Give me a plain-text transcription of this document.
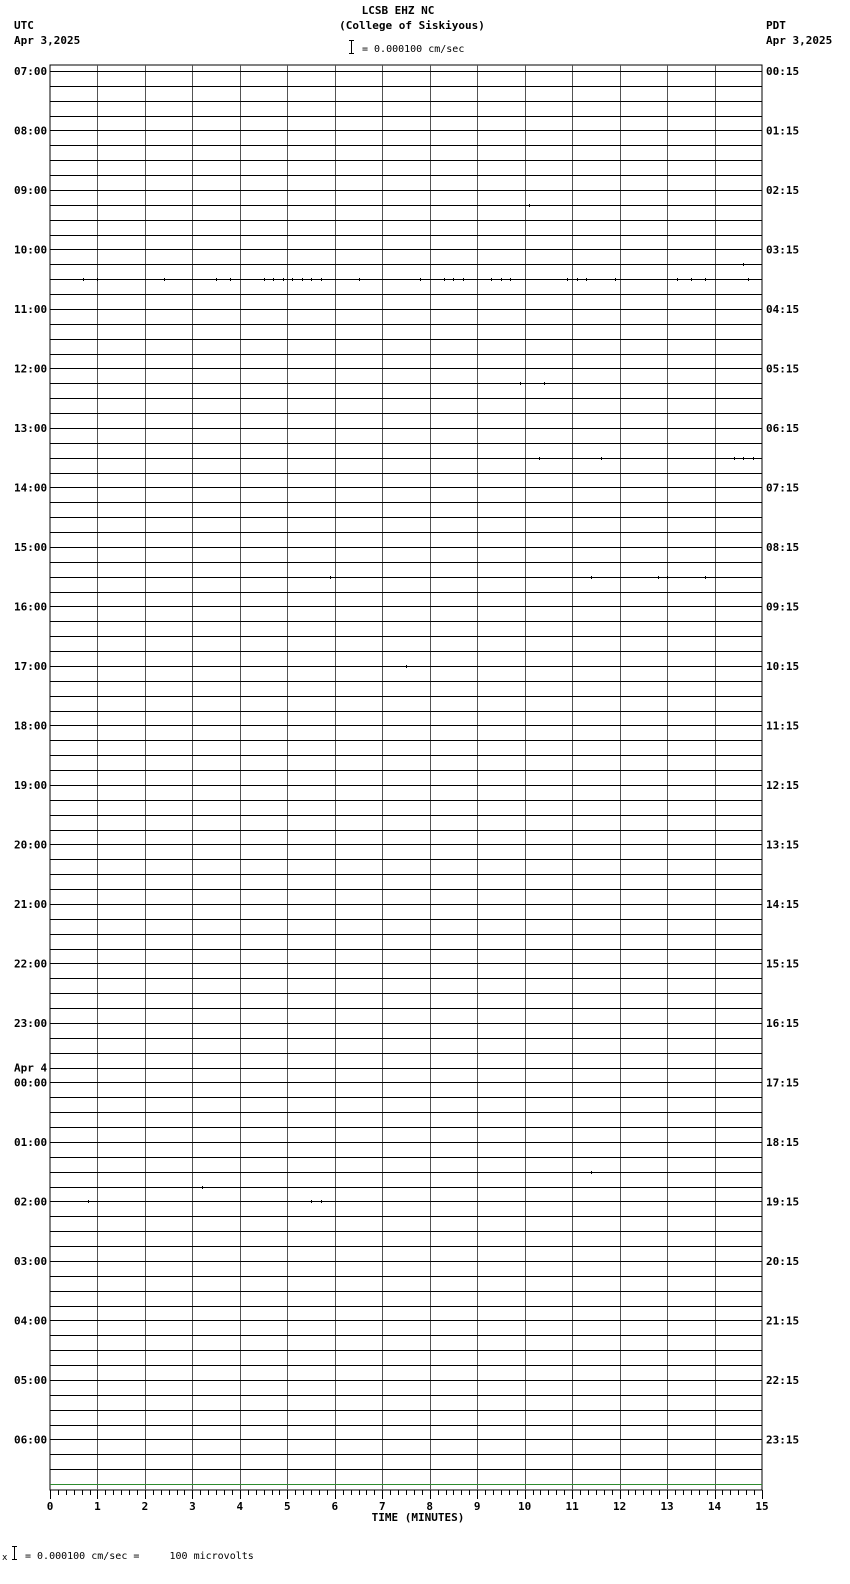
LCSB EHZ NC
(College of Siskiyous)
UTC
Apr 3,2025
PDT
Apr 3,2025
= 0.000100 cm/sec
07:00
08:00
09:00
10:00
11:00
12:00
13:00
14:00
15:00
16:00
17:00
18:00
19:00
20:00
21:00
22:00
23:00
00:00
01:00
02:00
03:00
04:00
05:00
06:00
00:15
01:15
02:15
03:15
04:15
05:15
06:15
07:15
08:15
09:15
10:15
11:15
12:15
13:15
14:15
15:15
16:15
17:15
18:15
19:15
20:15
21:15
22:15
23:15
Apr 4
0	1	2	3	4	5	6	7	8	9	10	11	12	13	14	15
TIME (MINUTES)
x = 0.000100 cm/sec =     100 microvolts
